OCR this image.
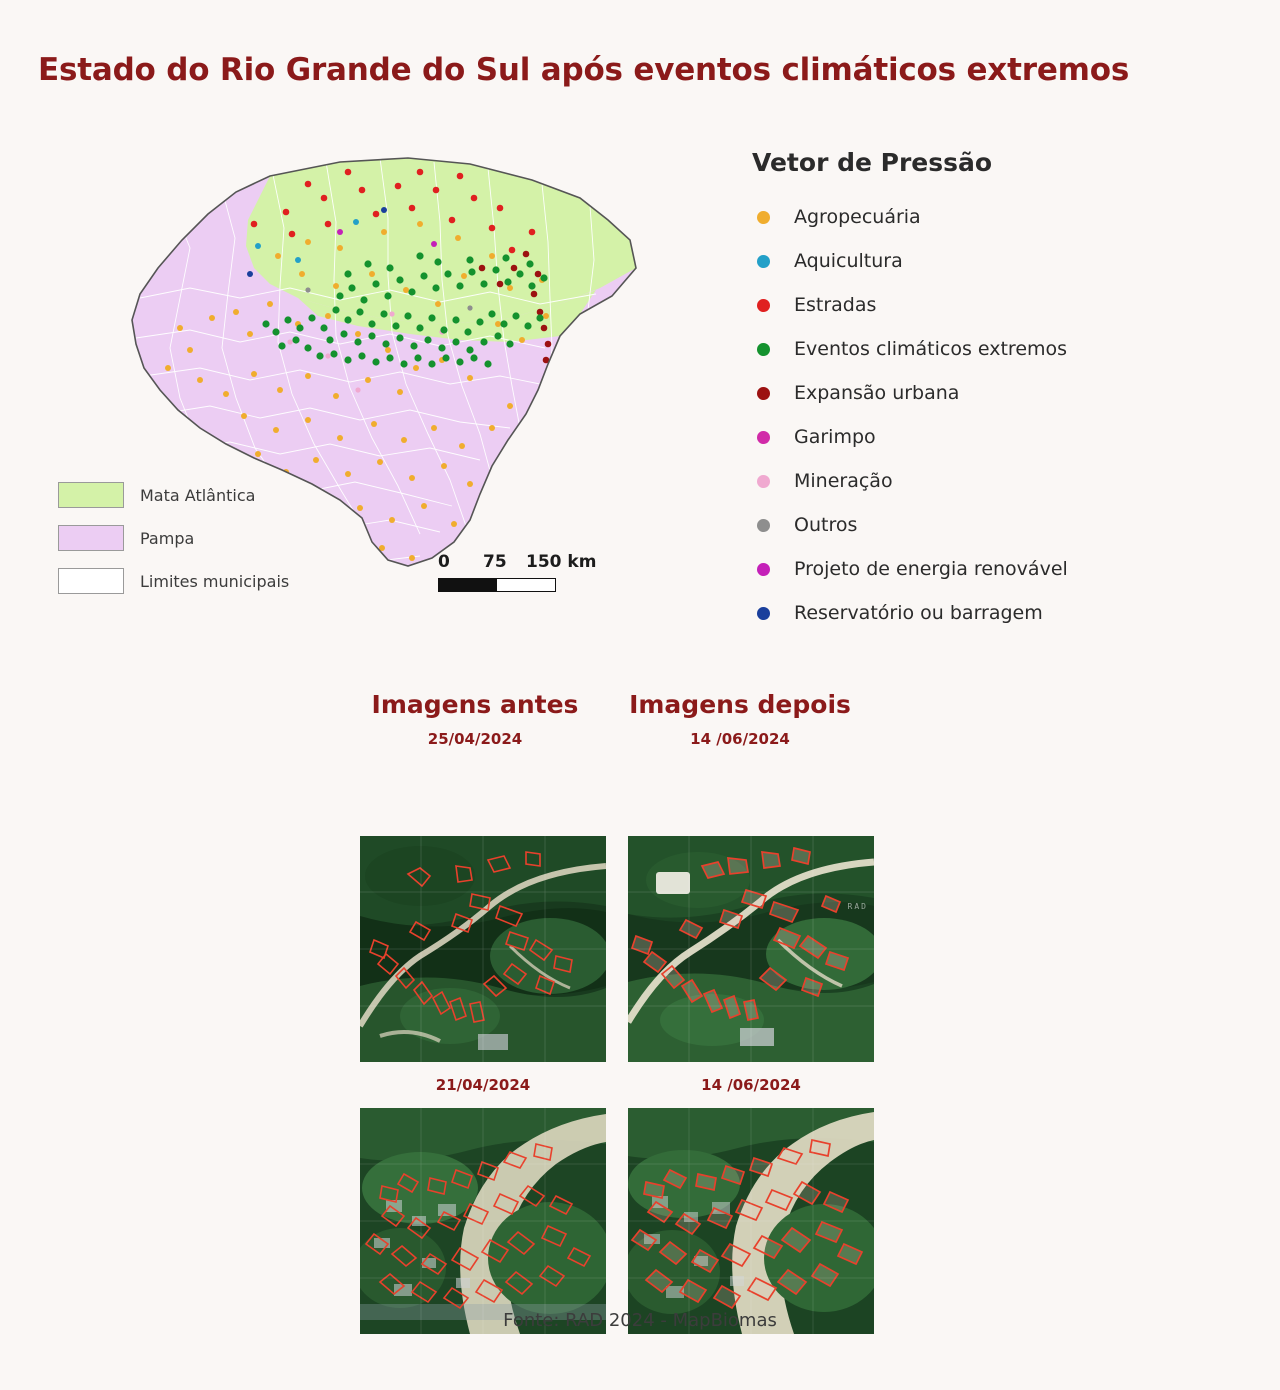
Estado do Rio Grande do Sul após eventos climáticos extremos
Mata Atlântica
Pampa
Limites municipais
0 75 150 km
Vetor de Pressão
Agropecuária
Aquicultura
Estradas
Eventos climáticos extremos
Expansão urbana
Garimpo
Mineração
Outros
Projeto de energia renovável
Reservatório ou barragem
Imagens antes	Imagens depois
25/04/2024	14 /06/2024
RAD
21/04/2024	14 /06/2024
Fonte: RAD 2024 - MapBiomas
